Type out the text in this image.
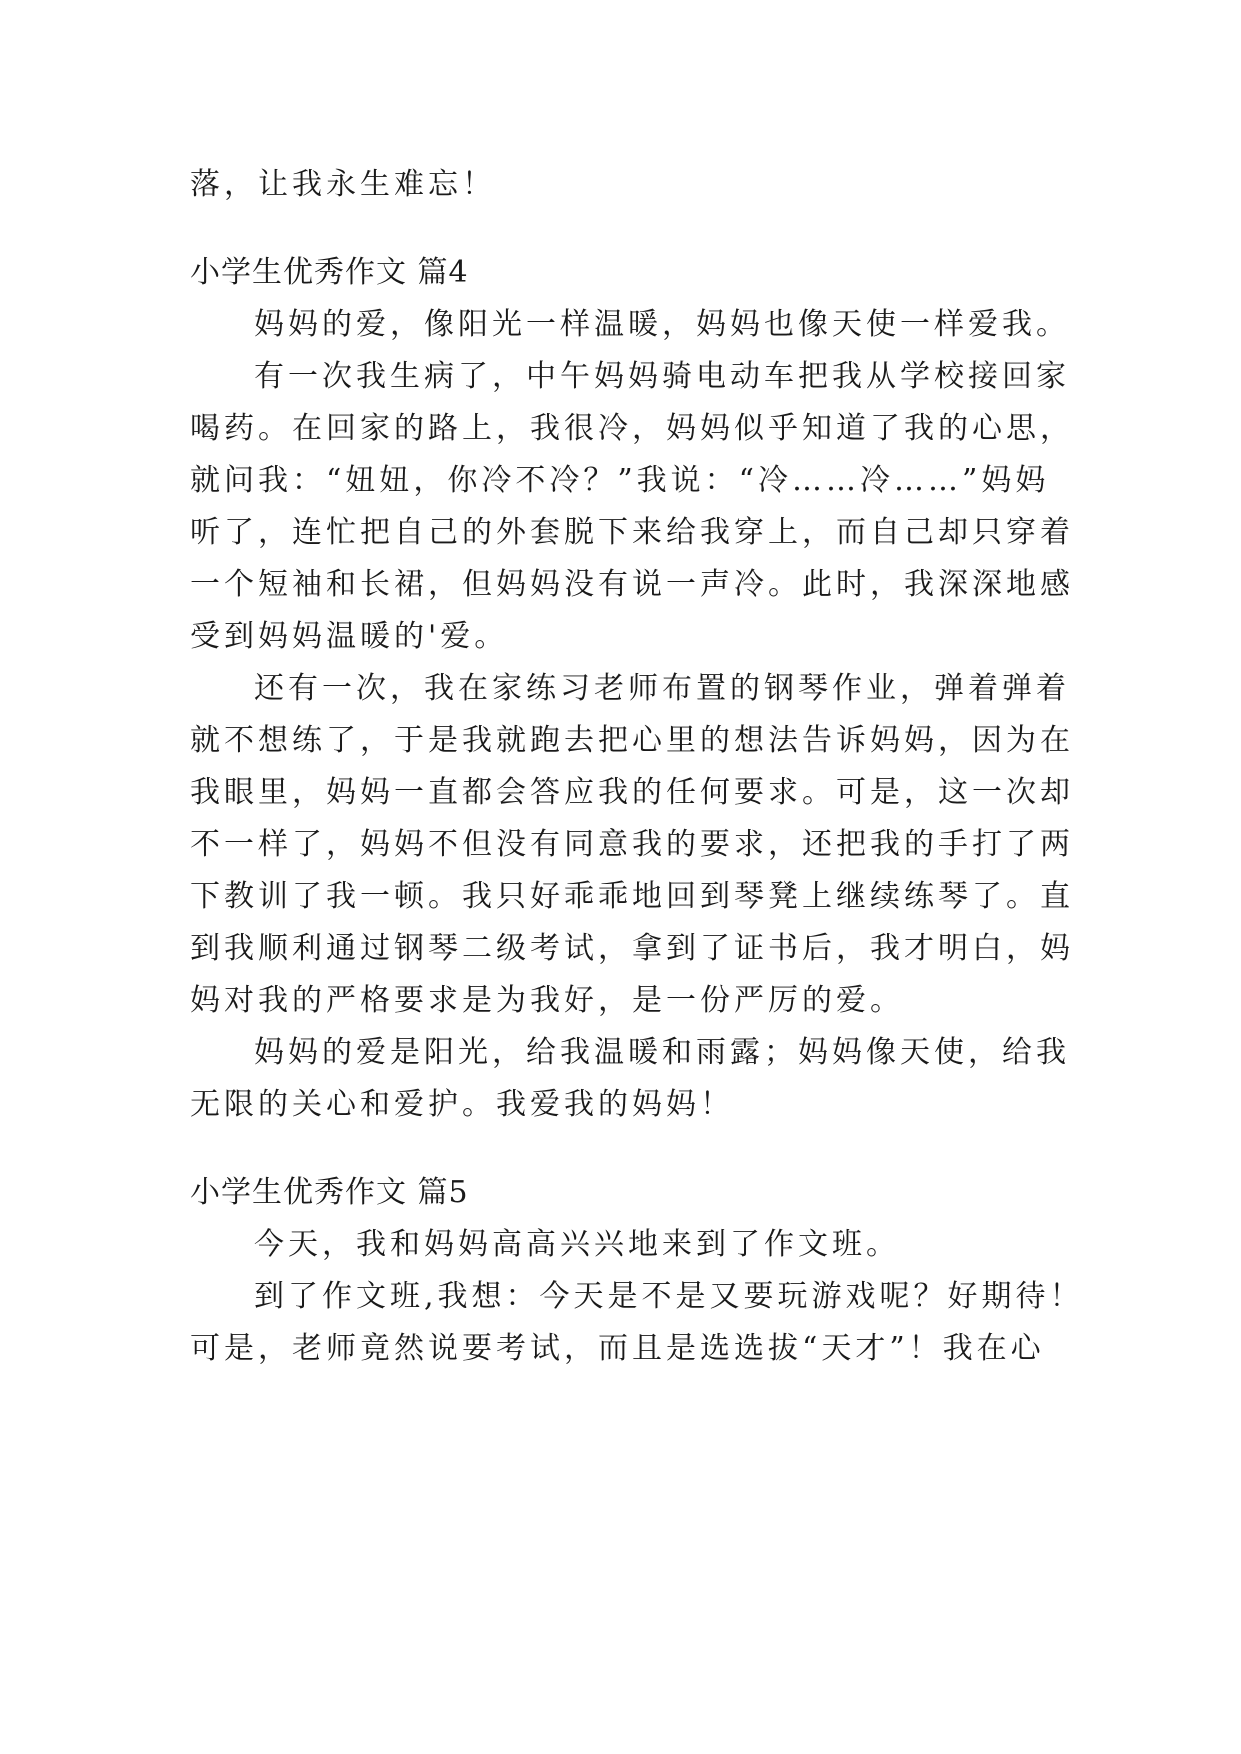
落，让我永生难忘！
小学生优秀作文 篇4
妈妈的爱，像阳光一样温暖，妈妈也像天使一样爱我。
有一次我生病了，中午妈妈骑电动车把我从学校接回家
喝药。在回家的路上，我很冷，妈妈似乎知道了我的心思，
就问我：“妞妞，你冷不冷？”我说：“冷……冷……”妈妈
听了，连忙把自己的外套脱下来给我穿上，而自己却只穿着
一个短袖和长裙，但妈妈没有说一声冷。此时，我深深地感
受到妈妈温暖的'爱。
还有一次，我在家练习老师布置的钢琴作业，弹着弹着
就不想练了，于是我就跑去把心里的想法告诉妈妈，因为在
我眼里，妈妈一直都会答应我的任何要求。可是，这一次却
不一样了，妈妈不但没有同意我的要求，还把我的手打了两
下教训了我一顿。我只好乖乖地回到琴凳上继续练琴了。直
到我顺利通过钢琴二级考试，拿到了证书后，我才明白，妈
妈对我的严格要求是为我好，是一份严厉的爱。
妈妈的爱是阳光，给我温暖和雨露；妈妈像天使，给我
无限的关心和爱护。我爱我的妈妈！
小学生优秀作文 篇5
今天，我和妈妈高高兴兴地来到了作文班。
到了作文班,我想：今天是不是又要玩游戏呢？好期待！
可是，老师竟然说要考试，而且是选选拔“天才”！我在心
